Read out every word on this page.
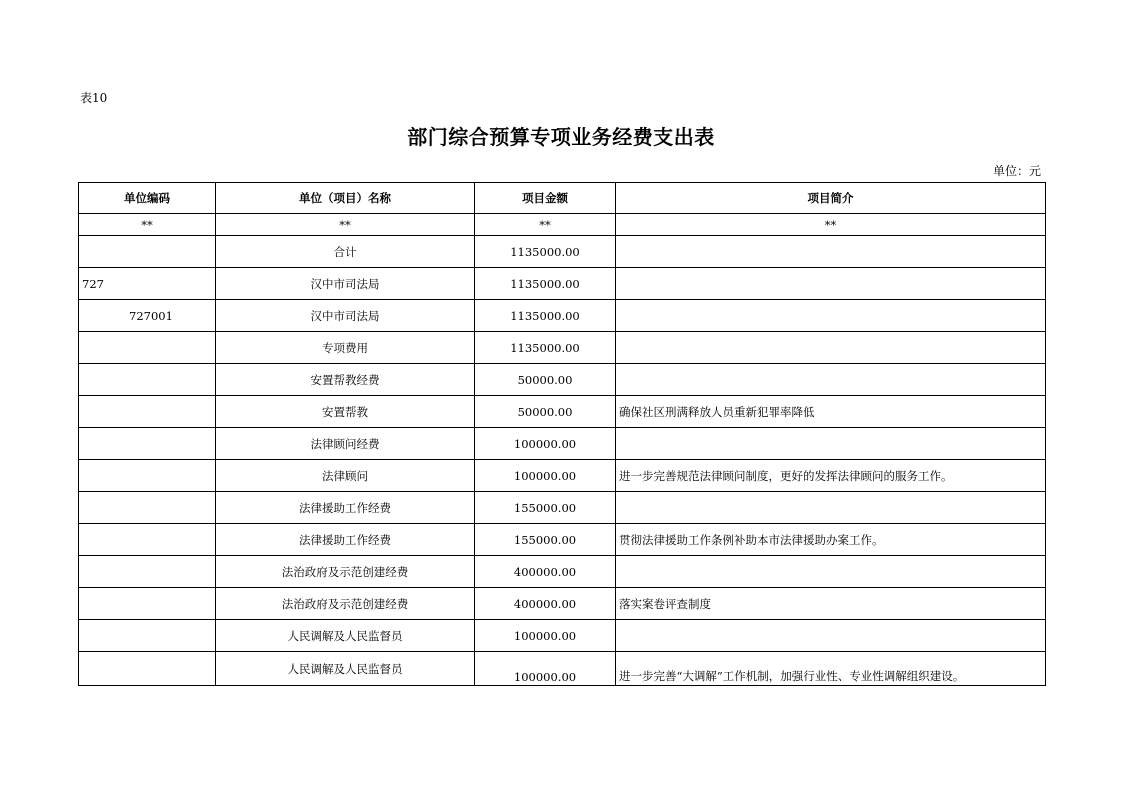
表10
部门综合预算专项业务经费支出表
单位：元
单位编码	单位（项目）名称	项目金额	项目简介
**	**	**	**
	合计	1135000.00	
727	汉中市司法局	1135000.00	
727001	汉中市司法局	1135000.00	
	专项费用	1135000.00	
	安置帮教经费	50000.00	
	安置帮教	50000.00	确保社区刑满释放人员重新犯罪率降低
	法律顾问经费	100000.00	
	法律顾问	100000.00	进一步完善规范法律顾问制度，更好的发挥法律顾问的服务工作。
	法律援助工作经费	155000.00	
	法律援助工作经费	155000.00	贯彻法律援助工作条例补助本市法律援助办案工作。
	法治政府及示范创建经费	400000.00	
	法治政府及示范创建经费	400000.00	落实案卷评查制度
	人民调解及人民监督员	100000.00	
	人民调解及人民监督员	100000.00	进一步完善“大调解”工作机制，加强行业性、专业性调解组织建设。
